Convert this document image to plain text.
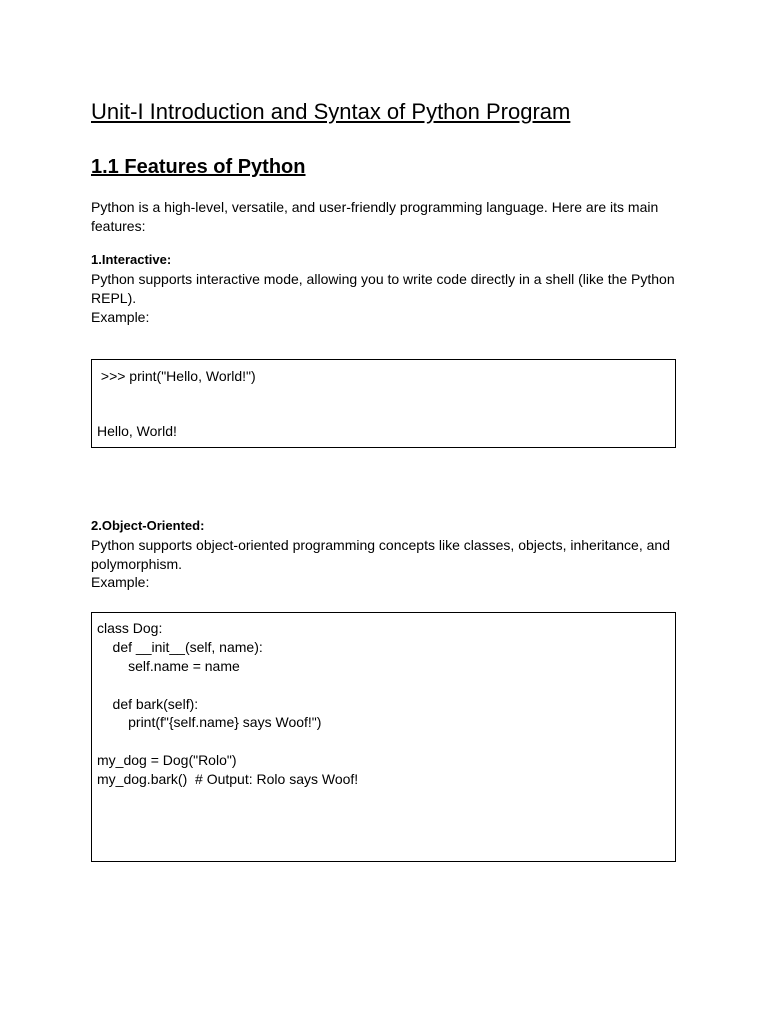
Unit-I Introduction and Syntax of Python Program
1.1 Features of Python
Python is a high-level, versatile, and user-friendly programming language. Here are its main features:
1.Interactive:
Python supports interactive mode, allowing you to write code directly in a shell (like the Python REPL).
Example:
>>> print("Hello, World!")
Hello, World!
2.Object-Oriented:
Python supports object-oriented programming concepts like classes, objects, inheritance, and polymorphism.
Example:
class Dog:
def __init__(self, name):
self.name = name
def bark(self):
print(f"{self.name} says Woof!")
my_dog = Dog("Rolo")
my_dog.bark()  # Output: Rolo says Woof!
